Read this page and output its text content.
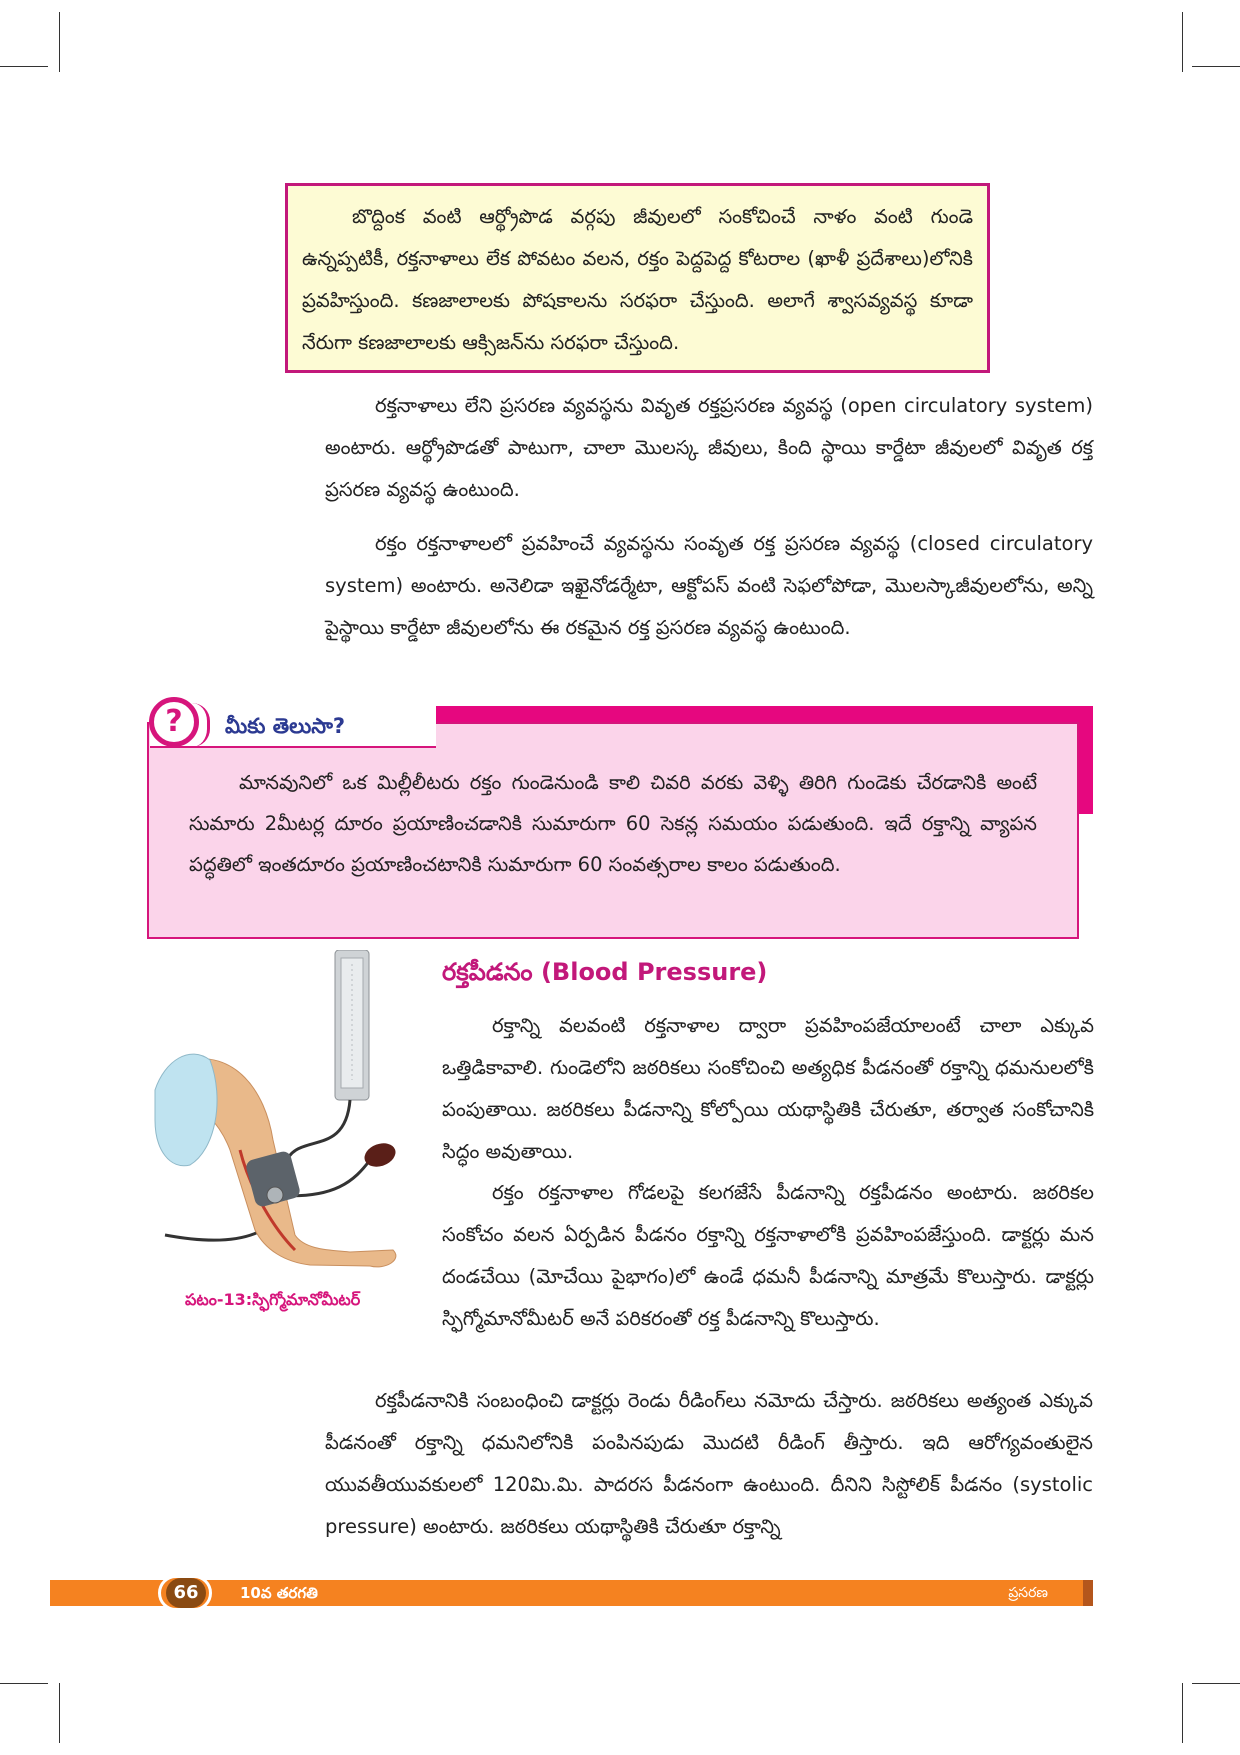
బొద్దింక వంటి ఆర్థ్రోపొడ వర్గపు జీవులలో సంకోచించే నాళం వంటి గుండె ఉన్నప్పటికీ, రక్తనాళాలు లేక పోవటం వలన, రక్తం పెద్దపెద్ద కోటరాల (ఖాళీ ప్రదేశాలు)లోనికి ప్రవహిస్తుంది. కణజాలాలకు పోషకాలను సరఫరా చేస్తుంది. అలాగే శ్వాసవ్యవస్థ కూడా నేరుగా కణజాలాలకు ఆక్సిజన్‌ను సరఫరా చేస్తుంది.

రక్తనాళాలు లేని ప్రసరణ వ్యవస్థను వివృత రక్తప్రసరణ వ్యవస్థ (open circulatory system) అంటారు. ఆర్థ్రోపొడతో పాటుగా, చాలా మొలస్క జీవులు, కింది స్థాయి కార్డేటా జీవులలో వివృత రక్త ప్రసరణ వ్యవస్థ ఉంటుంది.

రక్తం రక్తనాళాలలో ప్రవహించే వ్యవస్థను సంవృత రక్త ప్రసరణ వ్యవస్థ (closed circulatory system) అంటారు. అనెలిడా ఇఖైనోడర్మేటా, ఆక్టోపస్ వంటి సెఫలోపోడా, మొలస్కాజీవులలోను, అన్ని పైస్థాయి కార్డేటా జీవులలోను ఈ రకమైన రక్త ప్రసరణ వ్యవస్థ ఉంటుంది.

మానవునిలో ఒక మిల్లీలీటరు రక్తం గుండెనుండి కాలి చివరి వరకు వెళ్ళి తిరిగి గుండెకు చేరడానికి అంటే సుమారు 2మీటర్ల దూరం ప్రయాణించడానికి సుమారుగా 60 సెకన్ల సమయం పడుతుంది. ఇదే రక్తాన్ని వ్యాపన పద్ధతిలో ఇంతదూరం ప్రయాణించటానికి సుమారుగా 60 సంవత్సరాల కాలం పడుతుంది.

?	మీకు తెలుసా?
పటం-13:స్ఫిగ్మోమానోమీటర్
రక్తపీడనం (Blood Pressure)

రక్తాన్ని వలవంటి రక్తనాళాల ద్వారా ప్రవహింపజేయాలంటే చాలా ఎక్కువ ఒత్తిడికావాలి. గుండెలోని జఠరికలు సంకోచించి అత్యధిక పీడనంతో రక్తాన్ని ధమనులలోకి పంపుతాయి. జఠరికలు పీడనాన్ని కోల్పోయి యథాస్థితికి చేరుతూ, తర్వాత సంకోచానికి సిద్ధం అవుతాయి.

రక్తం రక్తనాళాల గోడలపై కలగజేసే పీడనాన్ని రక్తపీడనం అంటారు. జఠరికల సంకోచం వలన ఏర్పడిన పీడనం రక్తాన్ని రక్తనాళాలోకి ప్రవహింపజేస్తుంది. డాక్టర్లు మన దండచేయి (మోచేయి పైభాగం)లో ఉండే ధమనీ పీడనాన్ని మాత్రమే కొలుస్తారు. డాక్టర్లు స్ఫిగ్మోమానోమీటర్ అనే పరికరంతో రక్త పీడనాన్ని కొలుస్తారు.

రక్తపీడనానికి సంబంధించి డాక్టర్లు రెండు రీడింగ్‌లు నమోదు చేస్తారు. జఠరికలు అత్యంత ఎక్కువ పీడనంతో రక్తాన్ని ధమనిలోనికి పంపినపుడు మొదటి రీడింగ్ తీస్తారు. ఇది ఆరోగ్యవంతులైన యువతీయువకులలో 120మి.మి. పాదరస పీడనంగా ఉంటుంది. దీనిని సిస్టోలిక్ పీడనం (systolic pressure) అంటారు. జఠరికలు యథాస్థితికి చేరుతూ రక్తాన్ని

66	10వ తరగతి	ప్రసరణ
